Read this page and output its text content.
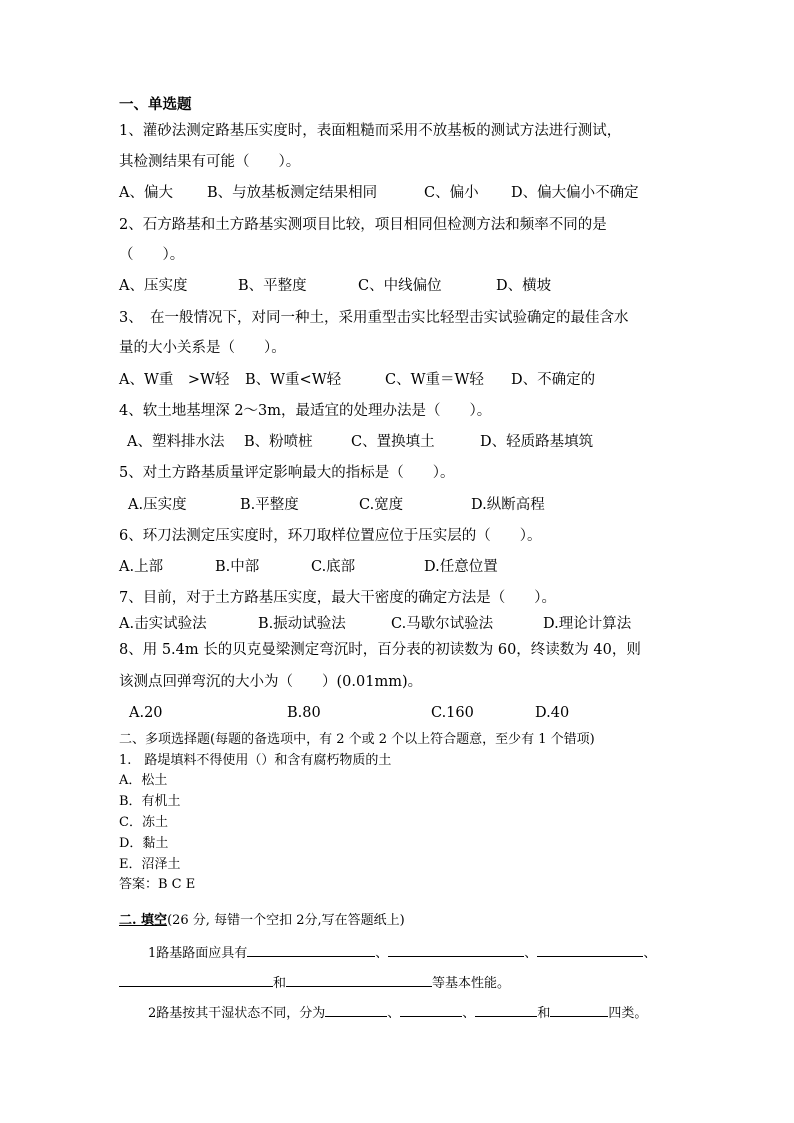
一、单选题
1、灌砂法测定路基压实度时，表面粗糙而采用不放基板的测试方法进行测试，
其检测结果有可能（　　）。
A、偏大 B、与放基板测定结果相同	C、偏小 D、偏大偏小不确定
2、石方路基和土方路基实测项目比较，项目相同但检测方法和频率不同的是
（　　）。
A、压实度	B、平整度	C、中线偏位	D、横坡
3、　在一般情况下，对同一种土，采用重型击实比轻型击实试验确定的最佳含水
量的大小关系是（　　）。
A、W重　>W轻 B、W重<W轻	C、W重＝W轻 D、不确定的
4、软土地基埋深 2～3m，最适宜的处理办法是（　　）。
A、塑料排水法 B、粉喷桩	C、置换填土	D、轻质路基填筑
5、对土方路基质量评定影响最大的指标是（　　）。
A.压实度	B.平整度	C.宽度	D.纵断高程
6、环刀法测定压实度时，环刀取样位置应位于压实层的（　　）。
A.上部	B.中部	C.底部	D.任意位置
7、目前，对于土方路基压实度，最大干密度的确定方法是（　　）。
A.击实试验法	B.振动试验法	C.马歇尔试验法	D.理论计算法
8、用 5.4m 长的贝克曼梁测定弯沉时，百分表的初读数为 60，终读数为 40，则
该测点回弹弯沉的大小为（　　）(0.01mm)。
A.20	B.80	C.160	D.40
二、多项选择题(每题的备选项中，有 2 个或 2 个以上符合题意，至少有 1 个错项)
1.　路堤填料不得使用（）和含有腐朽物质的土
A．松土
B．有机土
C．冻土
D．黏土
E．沼泽土
答案：B C E
二. 填空(26 分, 每错一个空扣 2分,写在答题纸上)
1路基路面应具有	、	、	、
和	等基本性能。
2路基按其干湿状态不同，分为	、	、	和	四类。
